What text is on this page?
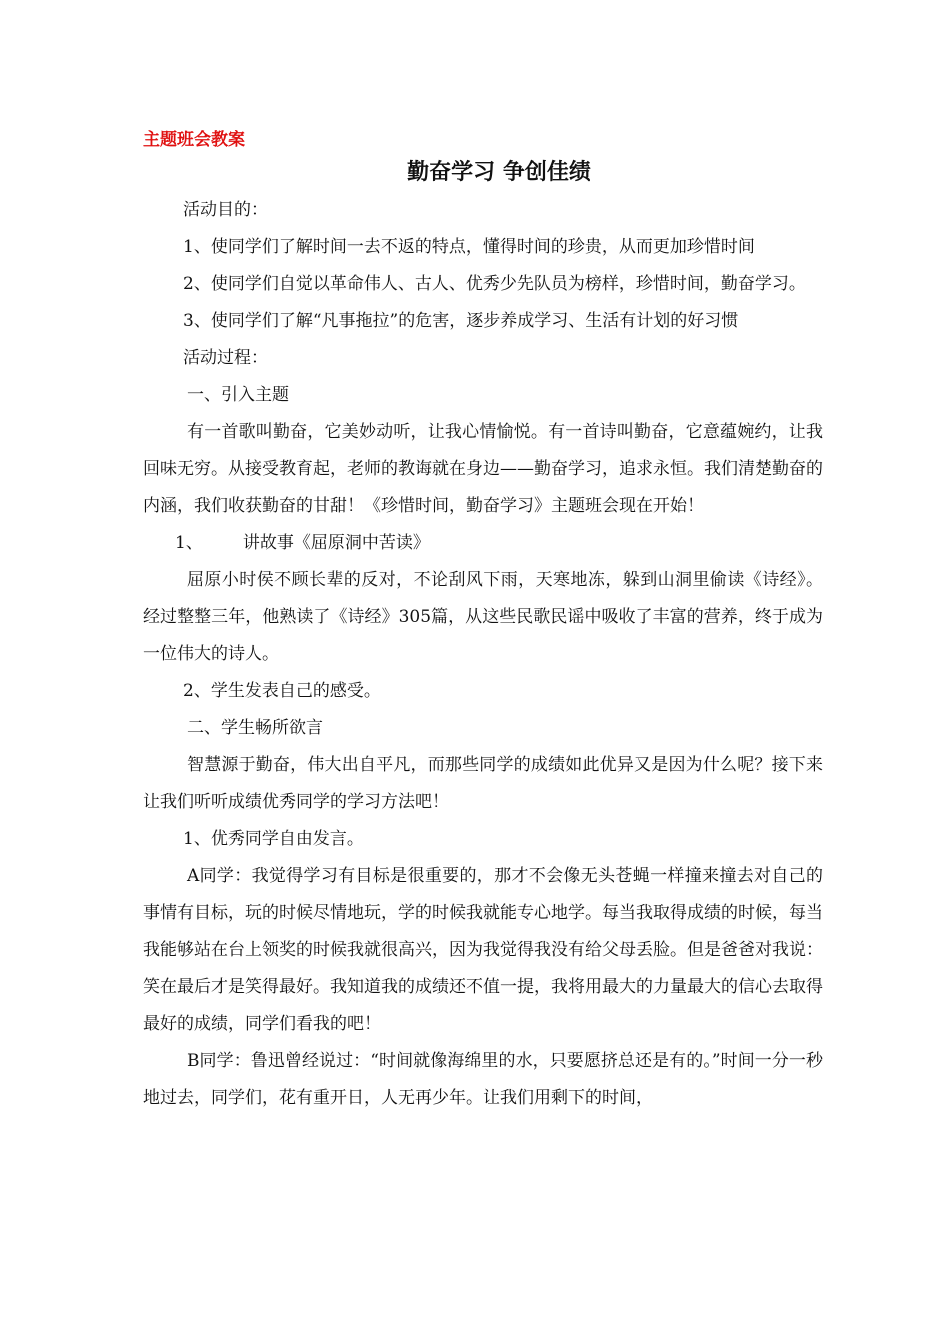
主题班会教案
勤奋学习 争创佳绩

活动目的：

1、使同学们了解时间一去不返的特点，懂得时间的珍贵，从而更加珍惜时间

2、使同学们自觉以革命伟人、古人、优秀少先队员为榜样，珍惜时间，勤奋学习。

3、使同学们了解“凡事拖拉”的危害，逐步养成学习、生活有计划的好习惯

活动过程：

一、引入主题

有一首歌叫勤奋，它美妙动听，让我心情愉悦。有一首诗叫勤奋，它意蕴婉约，让我回味无穷。从接受教育起，老师的教诲就在身边——勤奋学习，追求永恒。我们清楚勤奋的内涵，我们收获勤奋的甘甜！《珍惜时间，勤奋学习》主题班会现在开始！

1、 讲故事《屈原洞中苦读》

屈原小时侯不顾长辈的反对，不论刮风下雨，天寒地冻，躲到山洞里偷读《诗经》。经过整整三年，他熟读了《诗经》305篇，从这些民歌民谣中吸收了丰富的营养，终于成为一位伟大的诗人。

2、学生发表自己的感受。

二、学生畅所欲言

智慧源于勤奋，伟大出自平凡，而那些同学的成绩如此优异又是因为什么呢？接下来让我们听听成绩优秀同学的学习方法吧！

1、优秀同学自由发言。

A同学：我觉得学习有目标是很重要的，那才不会像无头苍蝇一样撞来撞去对自己的事情有目标，玩的时候尽情地玩，学的时候我就能专心地学。每当我取得成绩的时候，每当我能够站在台上领奖的时候我就很高兴，因为我觉得我没有给父母丢脸。但是爸爸对我说：笑在最后才是笑得最好。我知道我的成绩还不值一提，我将用最大的力量最大的信心去取得最好的成绩，同学们看我的吧！

B同学：鲁迅曾经说过：“时间就像海绵里的水，只要愿挤总还是有的。”时间一分一秒地过去，同学们，花有重开日，人无再少年。让我们用剩下的时间，
